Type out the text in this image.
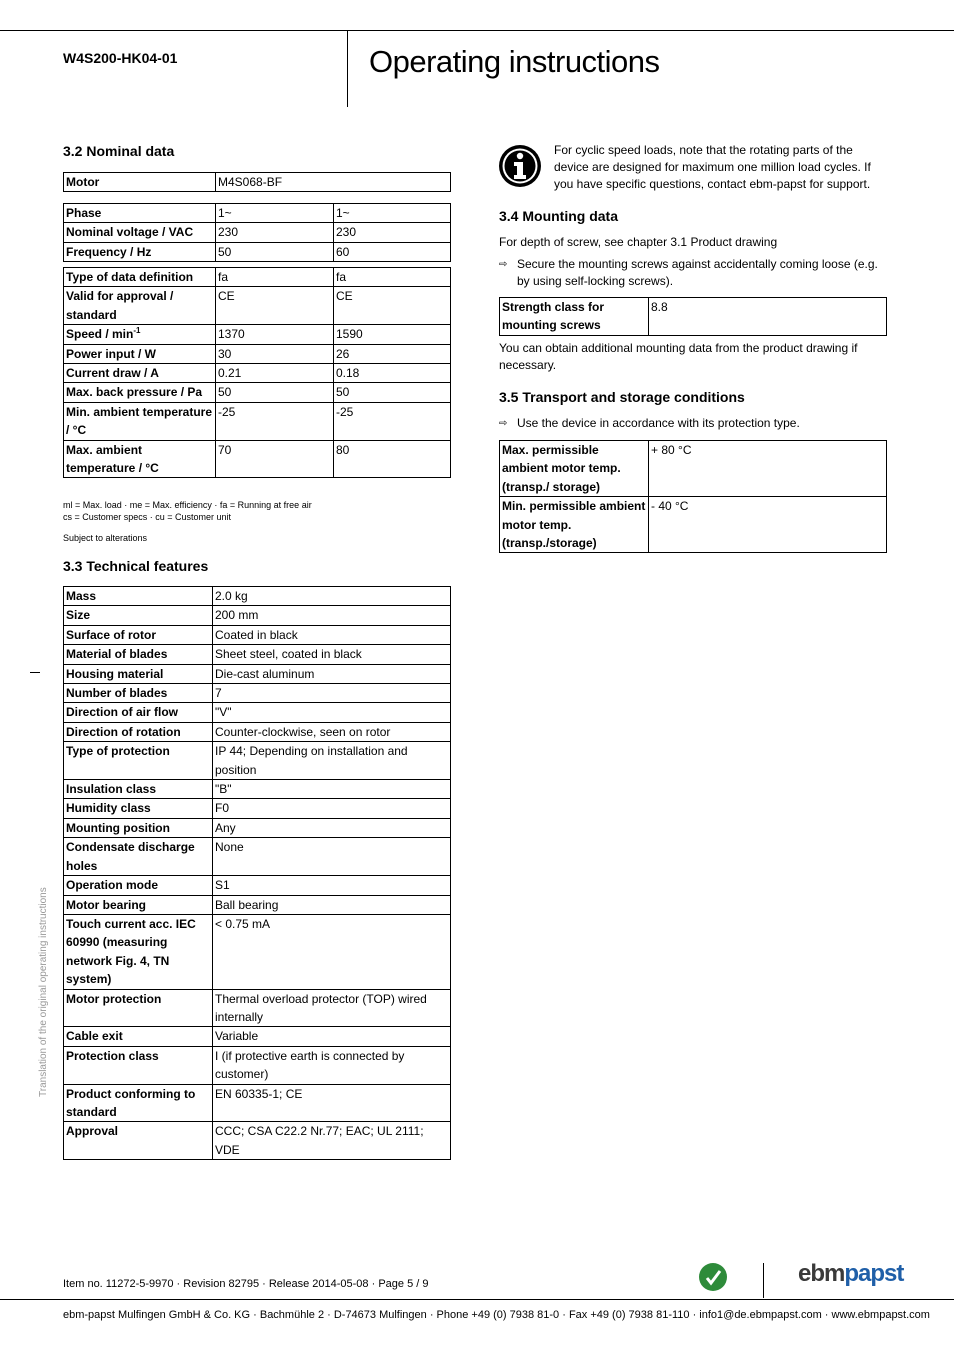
W4S200-HK04-01	Operating instructions
3.2 Nominal data
Motor	M4S068-BF
Phase	1~	1~
Nominal voltage / VAC	230	230
Frequency / Hz	50	60
Type of data definition	fa	fa
Valid for approval / standard	CE	CE
Speed / $\min^{-1}$	1370	1590
Power input / W	30	26
Current draw / A	0.21	0.18
Max. back pressure / Pa	50	50
Min. ambient temperature / °C	-25	-25
Max. ambient temperature / °C	70	80
ml = Max. load · me = Max. efficiency · fa = Running at free air
cs = Customer specs · cu = Customer unit
Subject to alterations
3.3 Technical features
Mass	2.0 kg
Size	200 mm
Surface of rotor	Coated in black
Material of blades	Sheet steel, coated in black
Housing material	Die-cast aluminum
Number of blades	7
Direction of air flow	"V"
Direction of rotation	Counter-clockwise, seen on rotor
Type of protection	IP 44; Depending on installation and position
Insulation class	"B"
Humidity class	F0
Mounting position	Any
Condensate discharge holes	None
Operation mode	S1
Motor bearing	Ball bearing
Touch current acc. IEC 60990 (measuring network Fig. 4, TN system)	< 0.75 mA
Motor protection	Thermal overload protector (TOP) wired internally
Cable exit	Variable
Protection class	I (if protective earth is connected by customer)
Product conforming to standard	EN 60335-1; CE
Approval	CCC; CSA C22.2 Nr.77; EAC; UL 2111; VDE
For cyclic speed loads, note that the rotating parts of the device are designed for maximum one million load cycles. If you have specific questions, contact ebm-papst for support.
3.4 Mounting data
For depth of screw, see chapter 3.1 Product drawing
⇨ Secure the mounting screws against accidentally coming loose (e.g. by using self-locking screws).
Strength class for mounting screws	8.8
You can obtain additional mounting data from the product drawing if necessary.
3.5 Transport and storage conditions
⇨ Use the device in accordance with its protection type.
Max. permissible ambient motor temp. (transp./ storage)	+ 80 °C
Min. permissible ambient motor temp. (transp./storage)	- 40 °C
Translation of the original operating instructions
Item no. 11272-5-9970 · Revision 82795 · Release 2014-05-08 · Page 5 / 9	ebmpapst
ebm-papst Mulfingen GmbH & Co. KG · Bachmühle 2 · D-74673 Mulfingen · Phone +49 (0) 7938 81-0 · Fax +49 (0) 7938 81-110 · info1@de.ebmpapst.com · www.ebmpapst.com
